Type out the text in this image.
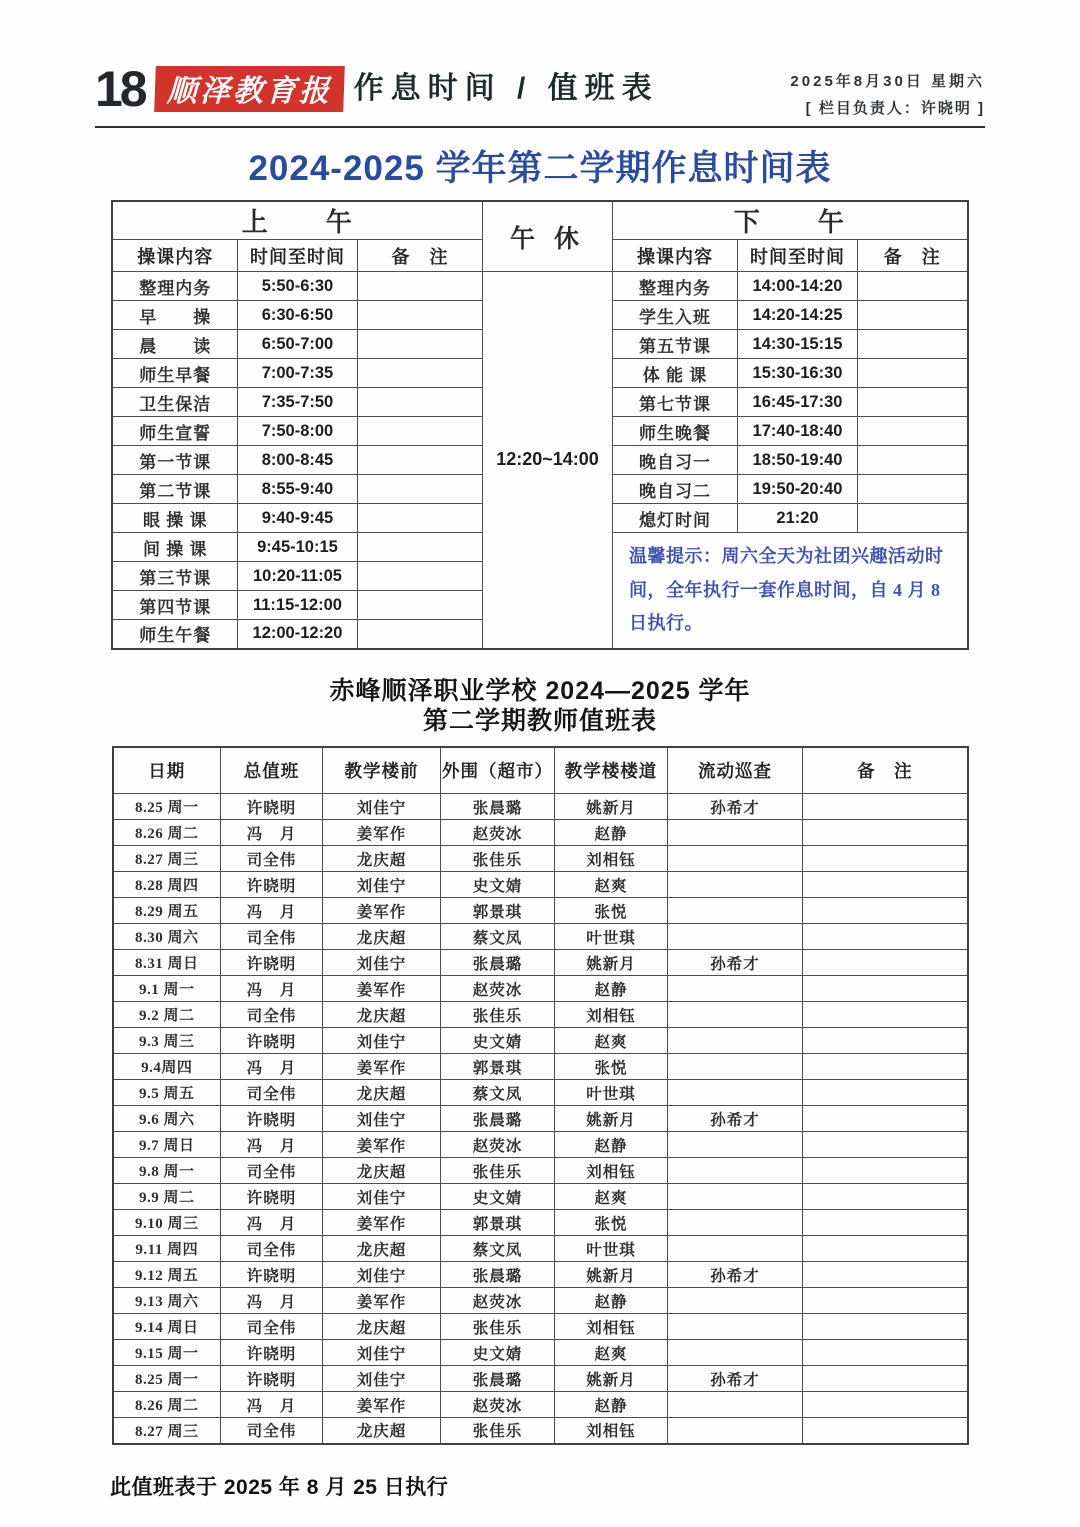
18 顺泽教育报 作息时间 / 值班表	2025年8月30日 星期六
[ 栏目负责人：许晓明 ]
2024-2025 学年第二学期作息时间表
上　　午			午 休	下　　午		
操课内容	时间至时间	备　注		操课内容	时间至时间	备　注
整理内务	5:50-6:30		12:20~14:00	整理内务	14:00-14:20	
早　　操	6:30-6:50			学生入班	14:20-14:25	
晨　　读	6:50-7:00			第五节课	14:30-15:15	
师生早餐	7:00-7:35			体 能 课	15:30-16:30	
卫生保洁	7:35-7:50			第七节课	16:45-17:30	
师生宣誓	7:50-8:00			师生晚餐	17:40-18:40	
第一节课	8:00-8:45			晚自习一	18:50-19:40	
第二节课	8:55-9:40			晚自习二	19:50-20:40	
眼 操 课	9:40-9:45			熄灯时间	21:20	
间 操 课	9:45-10:15			温馨提示：周六全天为社团兴趣活动时间，全年执行一套作息时间，自 4 月 8 日执行。		
第三节课	10:20-11:05					
第四节课	11:15-12:00					
师生午餐	12:00-12:20					
赤峰顺泽职业学校 2024—2025 学年
第二学期教师值班表
日期	总值班	教学楼前	外围（超市）	教学楼楼道	流动巡查	备　注
8.25 周一	许晓明	刘佳宁	张晨璐	姚新月	孙希才	
8.26 周二	冯　月	姜军作	赵荧冰	赵静		
8.27 周三	司全伟	龙庆超	张佳乐	刘相钰		
8.28 周四	许晓明	刘佳宁	史文婧	赵爽		
8.29 周五	冯　月	姜军作	郭景琪	张悦		
8.30 周六	司全伟	龙庆超	蔡文凤	叶世琪		
8.31 周日	许晓明	刘佳宁	张晨璐	姚新月	孙希才	
9.1 周一	冯　月	姜军作	赵荧冰	赵静		
9.2 周二	司全伟	龙庆超	张佳乐	刘相钰		
9.3 周三	许晓明	刘佳宁	史文婧	赵爽		
9.4周四	冯　月	姜军作	郭景琪	张悦		
9.5 周五	司全伟	龙庆超	蔡文凤	叶世琪		
9.6 周六	许晓明	刘佳宁	张晨璐	姚新月	孙希才	
9.7 周日	冯　月	姜军作	赵荧冰	赵静		
9.8 周一	司全伟	龙庆超	张佳乐	刘相钰		
9.9 周二	许晓明	刘佳宁	史文婧	赵爽		
9.10 周三	冯　月	姜军作	郭景琪	张悦		
9.11 周四	司全伟	龙庆超	蔡文凤	叶世琪		
9.12 周五	许晓明	刘佳宁	张晨璐	姚新月	孙希才	
9.13 周六	冯　月	姜军作	赵荧冰	赵静		
9.14 周日	司全伟	龙庆超	张佳乐	刘相钰		
9.15 周一	许晓明	刘佳宁	史文婧	赵爽		
8.25 周一	许晓明	刘佳宁	张晨璐	姚新月	孙希才	
8.26 周二	冯　月	姜军作	赵荧冰	赵静		
8.27 周三	司全伟	龙庆超	张佳乐	刘相钰		
此值班表于 2025 年 8 月 25 日执行
